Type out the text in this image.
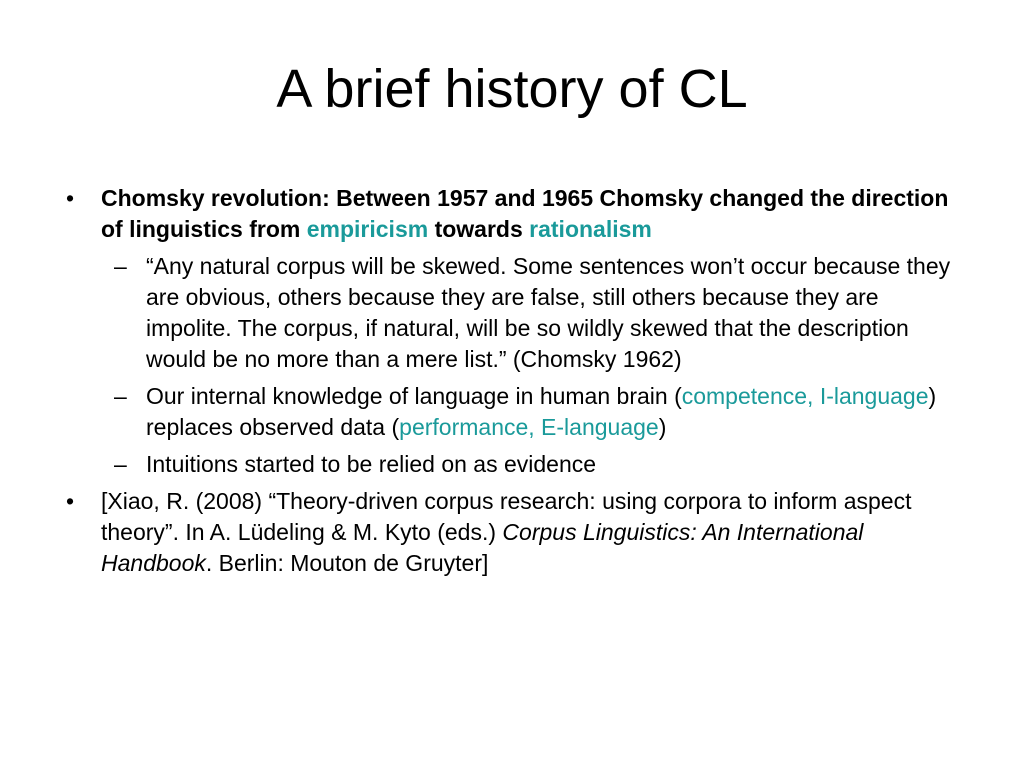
A brief history of CL
• Chomsky revolution: Between 1957 and 1965 Chomsky changed the direction of linguistics from empiricism towards rationalism
– “Any natural corpus will be skewed. Some sentences won’t occur because they are obvious, others because they are false, still others because they are impolite. The corpus, if natural, will be so wildly skewed that the description would be no more than a mere list.” (Chomsky 1962)
– Our internal knowledge of language in human brain (competence, I-language) replaces observed data (performance, E-language)
– Intuitions started to be relied on as evidence
• [Xiao, R. (2008) “Theory-driven corpus research: using corpora to inform aspect theory”. In A. Lüdeling & M. Kyto (eds.) Corpus Linguistics: An International Handbook. Berlin: Mouton de Gruyter]
